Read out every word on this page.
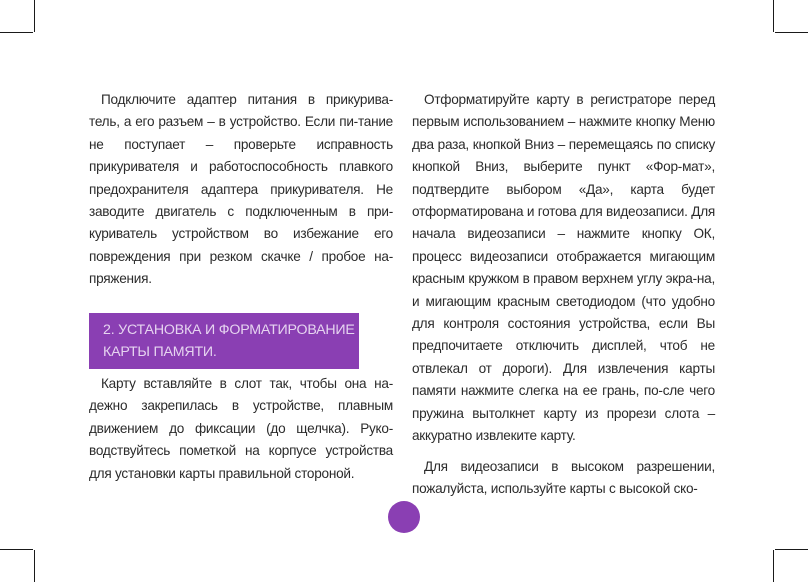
Подключите адаптер питания в прикурива-тель, а его разъем – в устройство. Если пи-тание не поступает – проверьте исправность прикуривателя и работоспособность плавкого предохранителя адаптера прикуривателя. Не заводите двигатель с подключенным в при-куриватель устройством во избежание его повреждения при резком скачке / пробое на-пряжения.

2. УСТАНОВКА И ФОРМАТИРОВАНИЕ
КАРТЫ ПАМЯТИ.

Карту вставляйте в слот так, чтобы она на-дежно закрепилась в устройстве, плавным движением до фиксации (до щелчка). Руко-водствуйтесь пометкой на корпусе устройства для установки карты правильной стороной.

Отформатируйте карту в регистраторе перед первым использованием – нажмите кнопку Меню два раза, кнопкой Вниз – перемещаясь по списку кнопкой Вниз, выберите пункт «Фор-мат», подтвердите выбором «Да», карта будет отформатирована и готова для видеозаписи. Для начала видеозаписи – нажмите кнопку ОК, процесс видеозаписи отображается мигающим красным кружком в правом верхнем углу экра-на, и мигающим красным светодиодом (что удобно для контроля состояния устройства, если Вы предпочитаете отключить дисплей, чтоб не отвлекал от дороги). Для извлечения карты памяти нажмите слегка на ее грань, по-сле чего пружина вытолкнет карту из прорези слота – аккуратно извлеките карту.

Для видеозаписи в высоком разрешении, пожалуйста, используйте карты с высокой ско-
